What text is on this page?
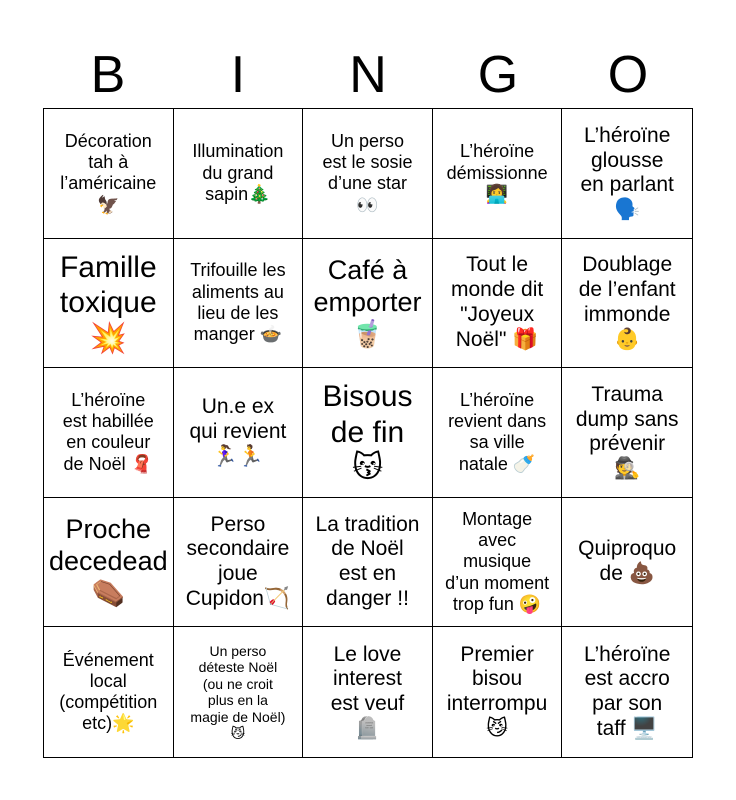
B	I	N	G	O
Décoration
tah à
l’américaine
🦅
Illumination
du grand
sapin🎄
Un perso
est le sosie
d’une star
👀
L’héroïne
démissionne
👩‍💻
L’héroïne
glousse
en parlant
🗣️
Famille
toxique
💥
Trifouille les
aliments au
lieu de les
manger 🍲
Café à
emporter
🧋
Tout le
monde dit
"Joyeux
Noël" 🎁
Doublage
de l’enfant
immonde
👶
L’héroïne
est habillée
en couleur
de Noël 🧣
Un.e ex
qui revient
🏃‍♀️🏃
Bisous
de fin
😽
L’héroïne
revient dans
sa ville
natale 🍼
Trauma
dump sans
prévenir
🕵️
Proche
decedead
⚰️
Perso
secondaire
joue
Cupidon🏹
La tradition
de Noël
est en
danger !!
Montage
avec
musique
d’un moment
trop fun 🤪
Quiproquo
de 💩
Événement
local
(compétition
etc)🌟
Un perso
déteste Noël
(ou ne croit
plus en la
magie de Noël)
😼
Le love
interest
est veuf
🪦
Premier
bisou
interrompu
😼
L’héroïne
est accro
par son
taff 🖥️
